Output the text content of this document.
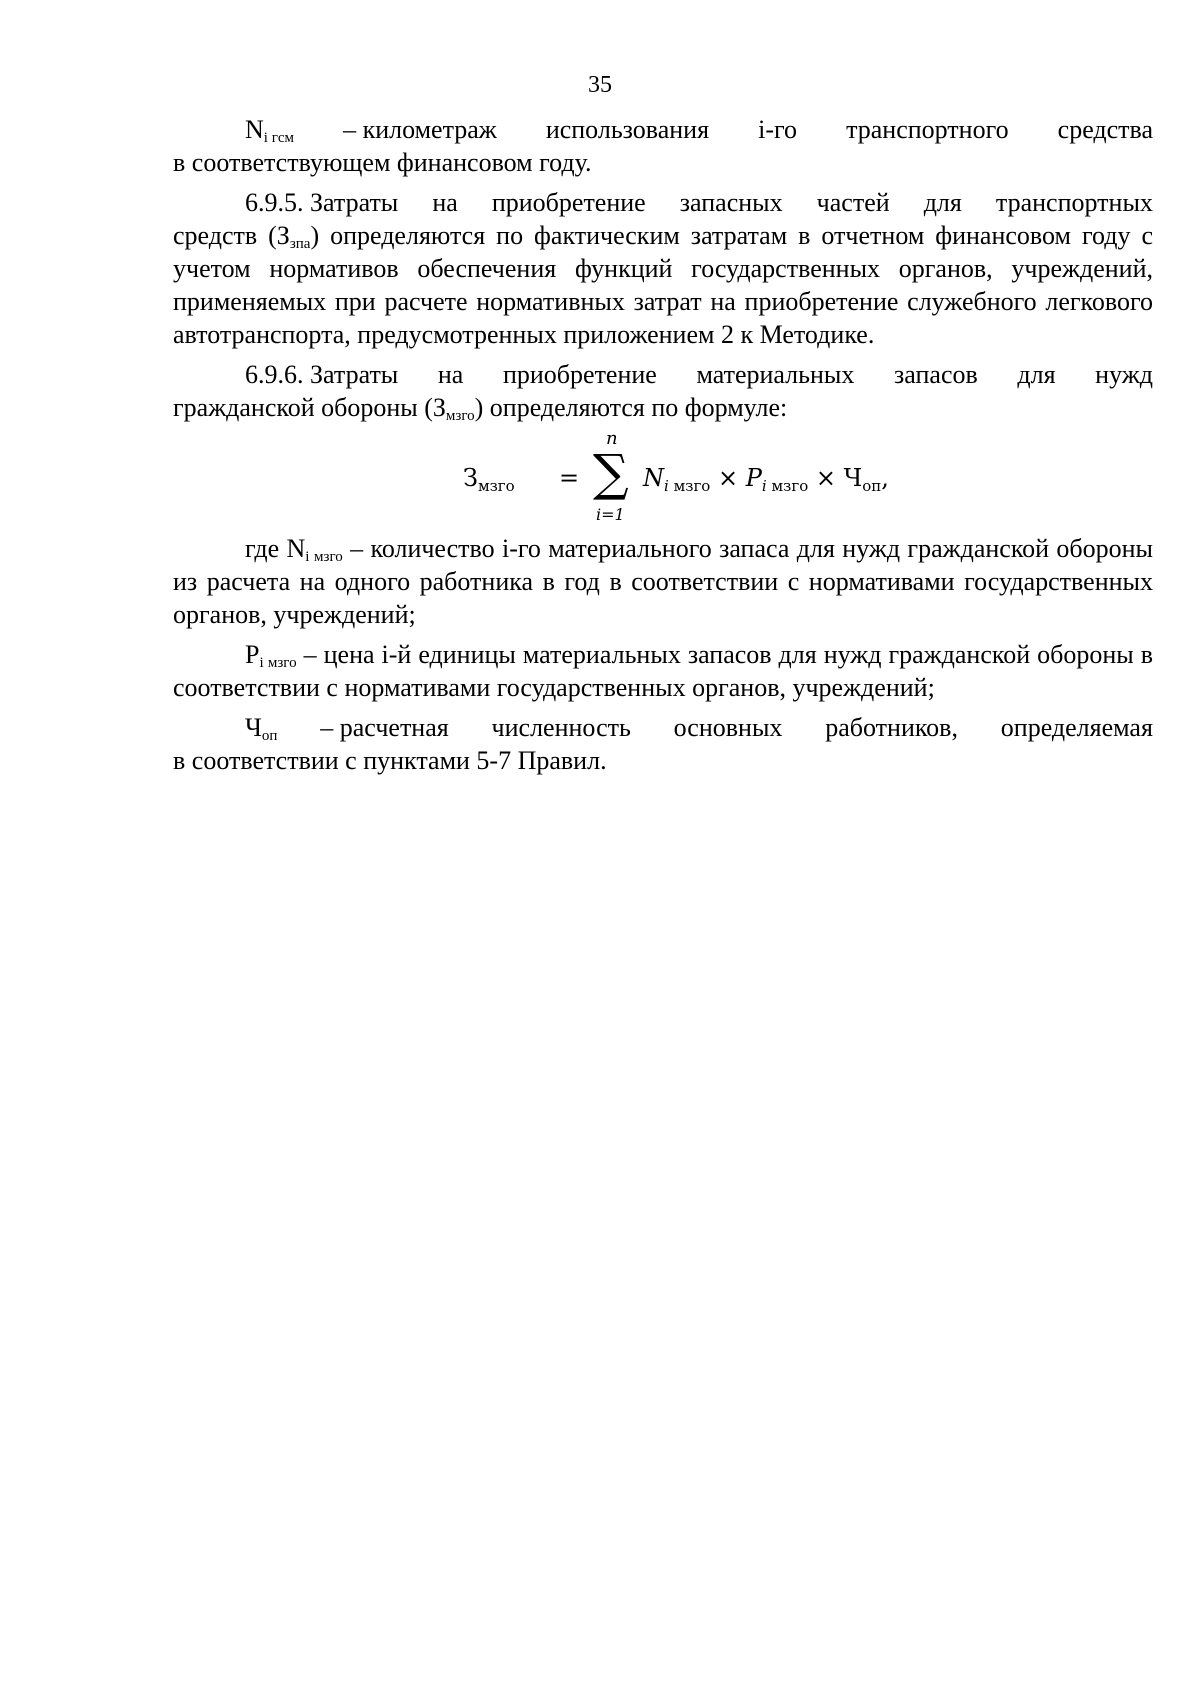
35
$N_{i гсм}$ – километраж использования i-го транспортного средства
в соответствующем финансовом году.
6.9.5. Затраты на приобретение запасных частей для транспортных
средств $(З_{зпа})$ определяются по фактическим затратам в отчетном финансовом году с учетом нормативов обеспечения функций государственных органов, учреждений, применяемых при расчете нормативных затрат на приобретение служебного легкового автотранспорта, предусмотренных приложением 2 к Методике.
6.9.6. Затраты на приобретение материальных запасов для нужд
гражданской обороны $(З_{мзго})$ определяются по формуле:
$З_{мзго}$ =
n
∑
i=1
$N_{i мзго} \times P_{i мзго} \times Ч_{оп}$,

где $N_{i мзго}$ – количество i-го материального запаса для нужд гражданской обороны из расчета на одного работника в год в соответствии с нормативами государственных органов, учреждений;

$P_{i мзго}$ – цена i-й единицы материальных запасов для нужд гражданской обороны в соответствии с нормативами государственных органов, учреждений;

$Ч_{оп}$ – расчетная численность основных работников, определяемая
в соответствии с пунктами 5-7 Правил.
